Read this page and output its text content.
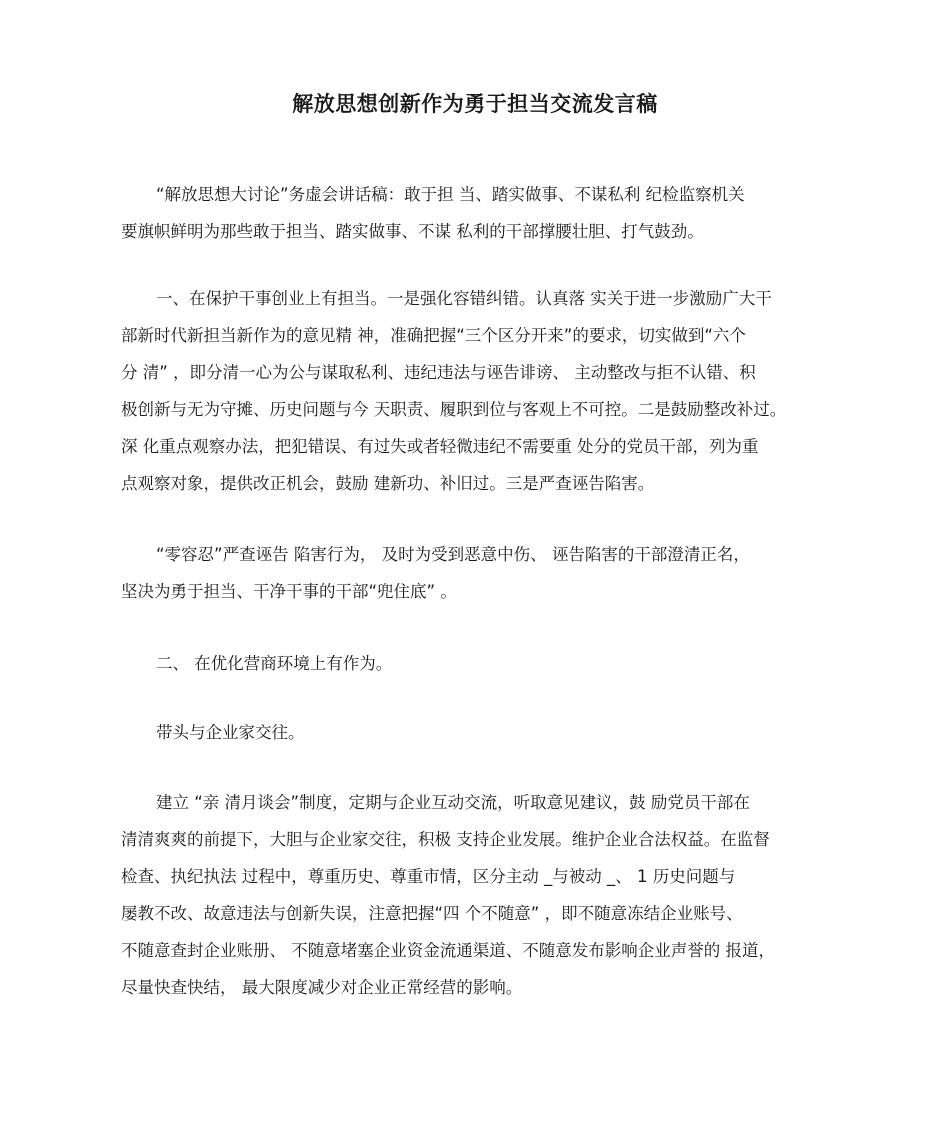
解放思想创新作为勇于担当交流发言稿
“解放思想大讨论”务虚会讲话稿：敢于担 当、踏实做事、不谋私利 纪检监察机关
要旗帜鲜明为那些敢于担当、踏实做事、不谋 私利的干部撑腰壮胆、打气鼓劲。
一、在保护干事创业上有担当。一是强化容错纠错。认真落 实关于进一步激励广大干
部新时代新担当新作为的意见精 神，准确把握“三个区分开来”的要求，切实做到“六个
分 清” ，即分清一心为公与谋取私利、违纪违法与诬告诽谤、 主动整改与拒不认错、积
极创新与无为守摊、历史问题与今 天职责、履职到位与客观上不可控。二是鼓励整改补过。
深 化重点观察办法，把犯错误、有过失或者轻微违纪不需要重 处分的党员干部，列为重
点观察对象，提供改正机会，鼓励 建新功、补旧过。三是严查诬告陷害。
“零容忍”严查诬告 陷害行为， 及时为受到恶意中伤、 诬告陷害的干部澄清正名，
坚决为勇于担当、干净干事的干部“兜住底” 。
二、 在优化营商环境上有作为。
带头与企业家交往。
建立 “亲 清月谈会”制度，定期与企业互动交流，听取意见建议，鼓 励党员干部在
清清爽爽的前提下，大胆与企业家交往，积极 支持企业发展。维护企业合法权益。在监督
检查、执纪执法 过程中，尊重历史、尊重市情，区分主动 _与被动 _、 1 历史问题与
屡教不改、故意违法与创新失误，注意把握“四 个不随意” ，即不随意冻结企业账号、
不随意查封企业账册、 不随意堵塞企业资金流通渠道、不随意发布影响企业声誉的 报道，
尽量快查快结， 最大限度减少对企业正常经营的影响。
